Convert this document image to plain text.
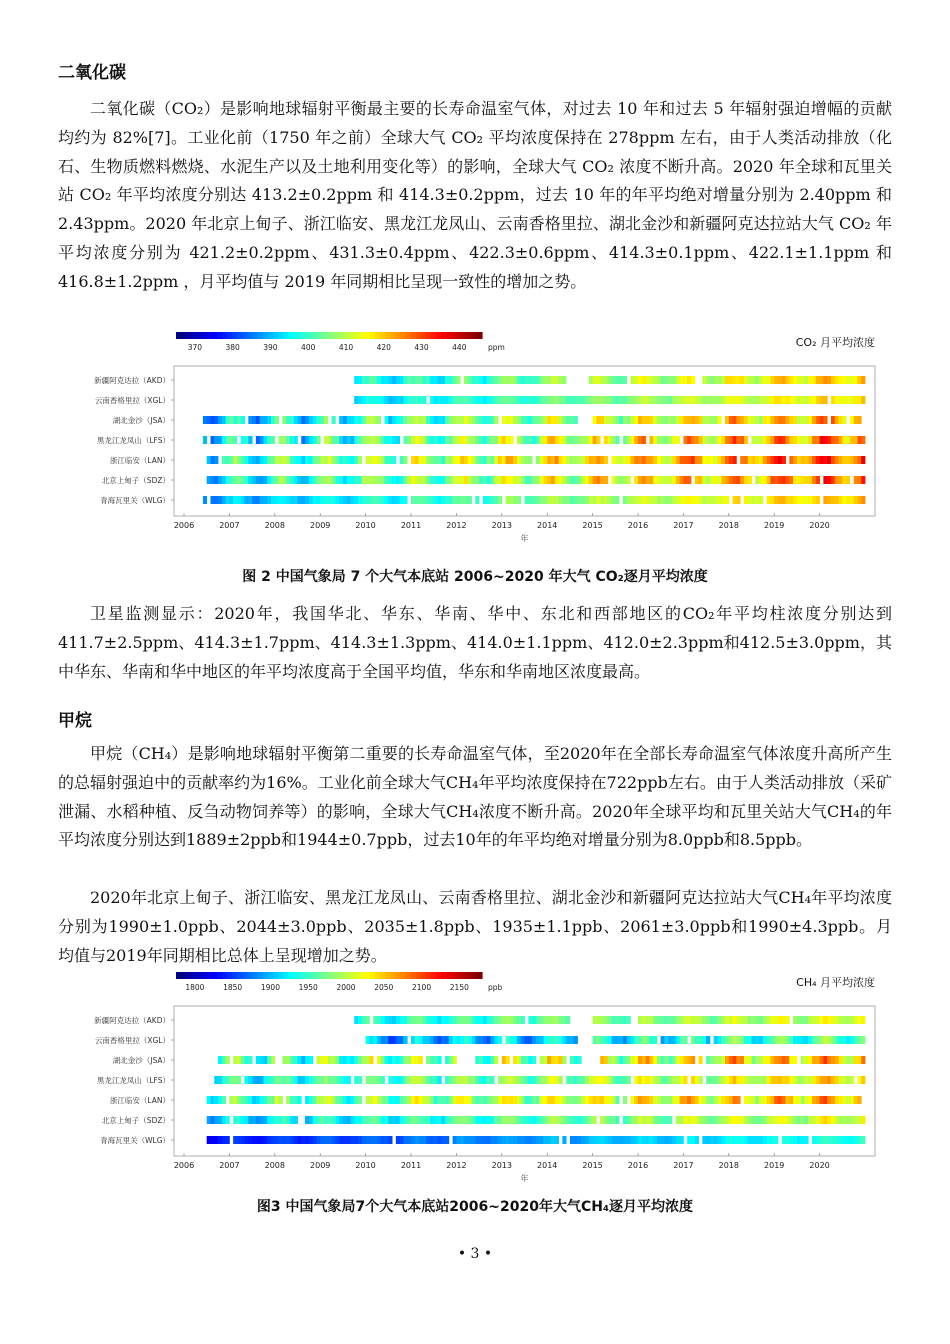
二氧化碳

二氧化碳（CO₂）是影响地球辐射平衡最主要的长寿命温室气体，对过去 10 年和过去 5 年辐射强迫增幅的贡献均约为 82%[7]。工业化前（1750 年之前）全球大气 CO₂ 平均浓度保持在 278ppm 左右，由于人类活动排放（化石、生物质燃料燃烧、水泥生产以及土地利用变化等）的影响，全球大气 CO₂ 浓度不断升高。2020 年全球和瓦里关站 CO₂ 年平均浓度分别达 413.2±0.2ppm 和 414.3±0.2ppm，过去 10 年的年平均绝对增量分别为 2.40ppm 和 2.43ppm。2020 年北京上甸子、浙江临安、黑龙江龙凤山、云南香格里拉、湖北金沙和新疆阿克达拉站大气 CO₂ 年平均浓度分别为 421.2±0.2ppm、431.3±0.4ppm、422.3±0.6ppm、414.3±0.1ppm、422.1±1.1ppm 和 416.8±1.2ppm ，月平均值与 2019 年同期相比呈现一致性的增加之势。

370	380	390	400	410	420	430	440	ppm	CO₂ 月平均浓度
新疆阿克达拉（AKD）
云南香格里拉（XGL）
湖北金沙（JSA）
黑龙江龙凤山（LFS）
浙江临安（LAN）
北京上甸子（SDZ）
青海瓦里关（WLG）
2006	2007	2008	2009	2010	2011	2012	2013	2014	2015	2016	2017	2018	2019	2020
年
图 2 中国气象局 7 个大气本底站 2006~2020 年大气 CO₂逐月平均浓度

卫星监测显示：2020年，我国华北、华东、华南、华中、东北和西部地区的CO₂年平均柱浓度分别达到411.7±2.5ppm、414.3±1.7ppm、414.3±1.3ppm、414.0±1.1ppm、412.0±2.3ppm和412.5±3.0ppm，其中华东、华南和华中地区的年平均浓度高于全国平均值，华东和华南地区浓度最高。

甲烷

甲烷（CH₄）是影响地球辐射平衡第二重要的长寿命温室气体，至2020年在全部长寿命温室气体浓度升高所产生的总辐射强迫中的贡献率约为16%。工业化前全球大气CH₄年平均浓度保持在722ppb左右。由于人类活动排放（采矿泄漏、水稻种植、反刍动物饲养等）的影响，全球大气CH₄浓度不断升高。2020年全球平均和瓦里关站大气CH₄的年平均浓度分别达到1889±2ppb和1944±0.7ppb，过去10年的年平均绝对增量分别为8.0ppb和8.5ppb。

2020年北京上甸子、浙江临安、黑龙江龙凤山、云南香格里拉、湖北金沙和新疆阿克达拉站大气CH₄年平均浓度分别为1990±1.0ppb、2044±3.0ppb、2035±1.8ppb、1935±1.1ppb、2061±3.0ppb和1990±4.3ppb。月均值与2019年同期相比总体上呈现增加之势。

1800 1850 1900 1950 2000 2050 2100 2150	ppb	CH₄ 月平均浓度
新疆阿克达拉（AKD）
云南香格里拉（XGL）
湖北金沙（JSA）
黑龙江龙凤山（LFS）
浙江临安（LAN）
北京上甸子（SDZ）
青海瓦里关（WLG）
2006	2007	2008	2009	2010	2011	2012	2013	2014	2015	2016	2017	2018	2019	2020
年
图3 中国气象局7个大气本底站2006~2020年大气CH₄逐月平均浓度
• 3 •
